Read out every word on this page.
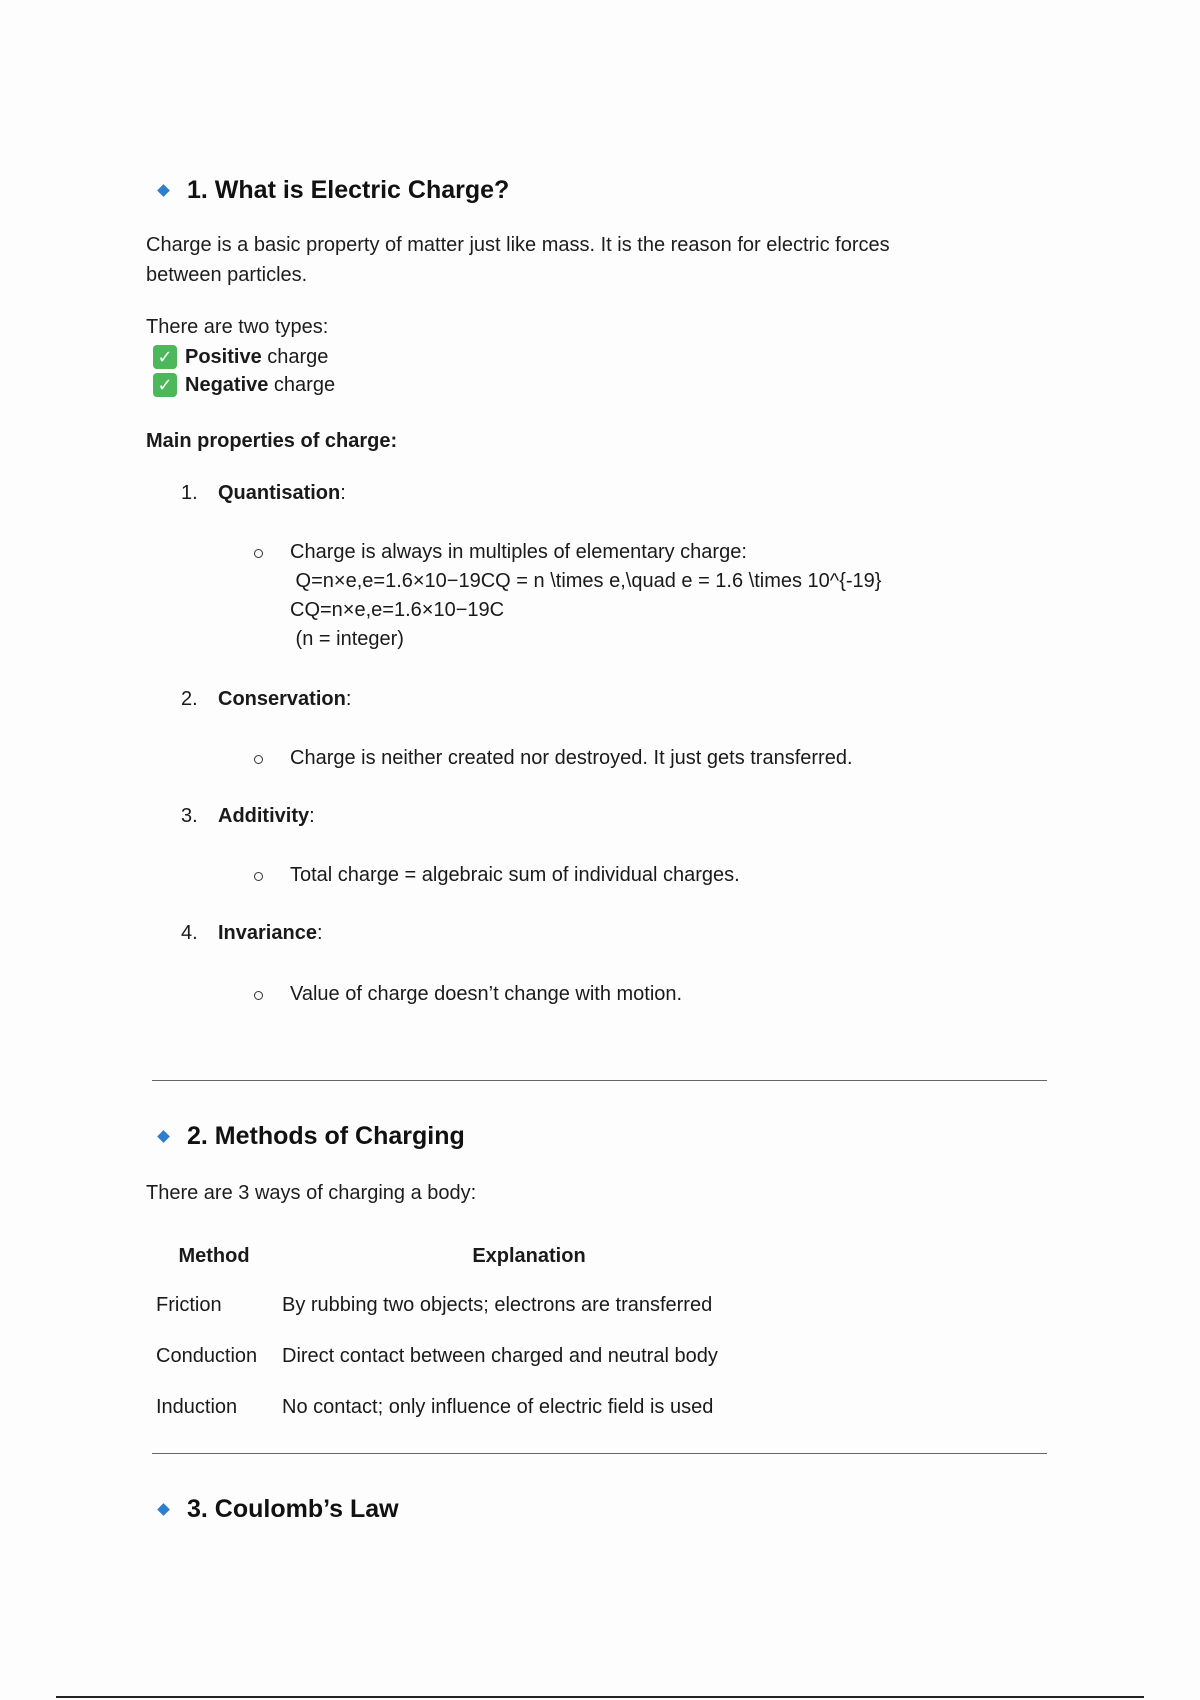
1. What is Electric Charge?

Charge is a basic property of matter just like mass. It is the reason for electric forces

between particles.

There are two types:

✓ Positive charge
✓ Negative charge
Main properties of charge:
1. Quantisation:
Charge is always in multiples of elementary charge:
Q=n×e,e=1.6×10−19CQ = n \times e,\quad e = 1.6 \times 10^{-19}
CQ=n×e,e=1.6×10−19C
(n = integer)
2. Conservation:
Charge is neither created nor destroyed. It just gets transferred.
3. Additivity:
Total charge = algebraic sum of individual charges.
4. Invariance:
Value of charge doesn’t change with motion.
2. Methods of Charging

There are 3 ways of charging a body:

Method	Explanation
Friction	By rubbing two objects; electrons are transferred
Conduction	Direct contact between charged and neutral body
Induction	No contact; only influence of electric field is used
3. Coulomb’s Law
